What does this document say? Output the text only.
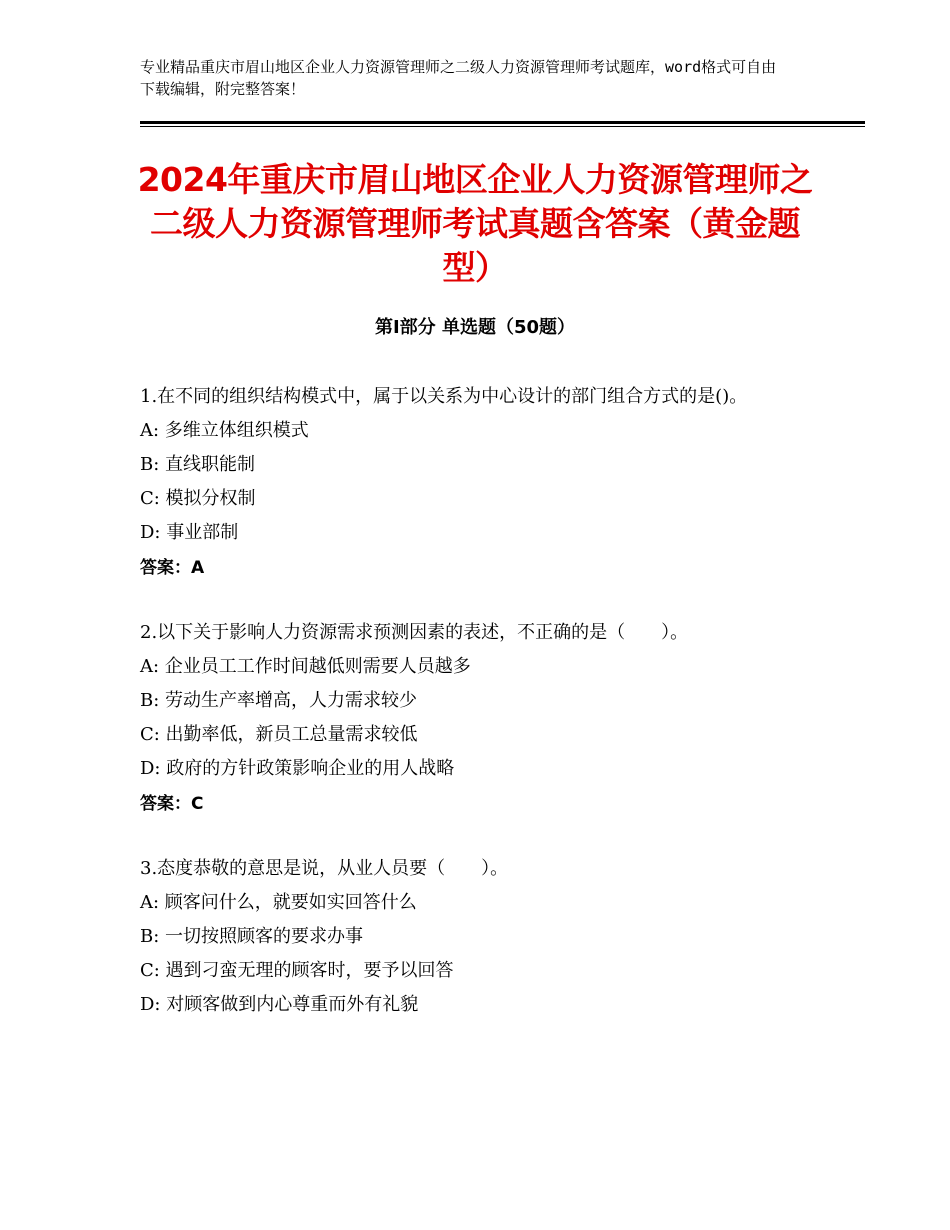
专业精品重庆市眉山地区企业人力资源管理师之二级人力资源管理师考试题库，word格式可自由下载编辑，附完整答案！
2024年重庆市眉山地区企业人力资源管理师之二级人力资源管理师考试真题含答案（黄金题型）
第Ⅰ部分 单选题（50题）

1.在不同的组织结构模式中，属于以关系为中心设计的部门组合方式的是()。

A: 多维立体组织模式

B: 直线职能制

C: 模拟分权制

D: 事业部制

答案：A

2.以下关于影响人力资源需求预测因素的表述，不正确的是（　　）。

A: 企业员工工作时间越低则需要人员越多

B: 劳动生产率增高，人力需求较少

C: 出勤率低，新员工总量需求较低

D: 政府的方针政策影响企业的用人战略

答案：C

3.态度恭敬的意思是说，从业人员要（　　）。

A: 顾客问什么，就要如实回答什么

B: 一切按照顾客的要求办事

C: 遇到刁蛮无理的顾客时，要予以回答

D: 对顾客做到内心尊重而外有礼貌
